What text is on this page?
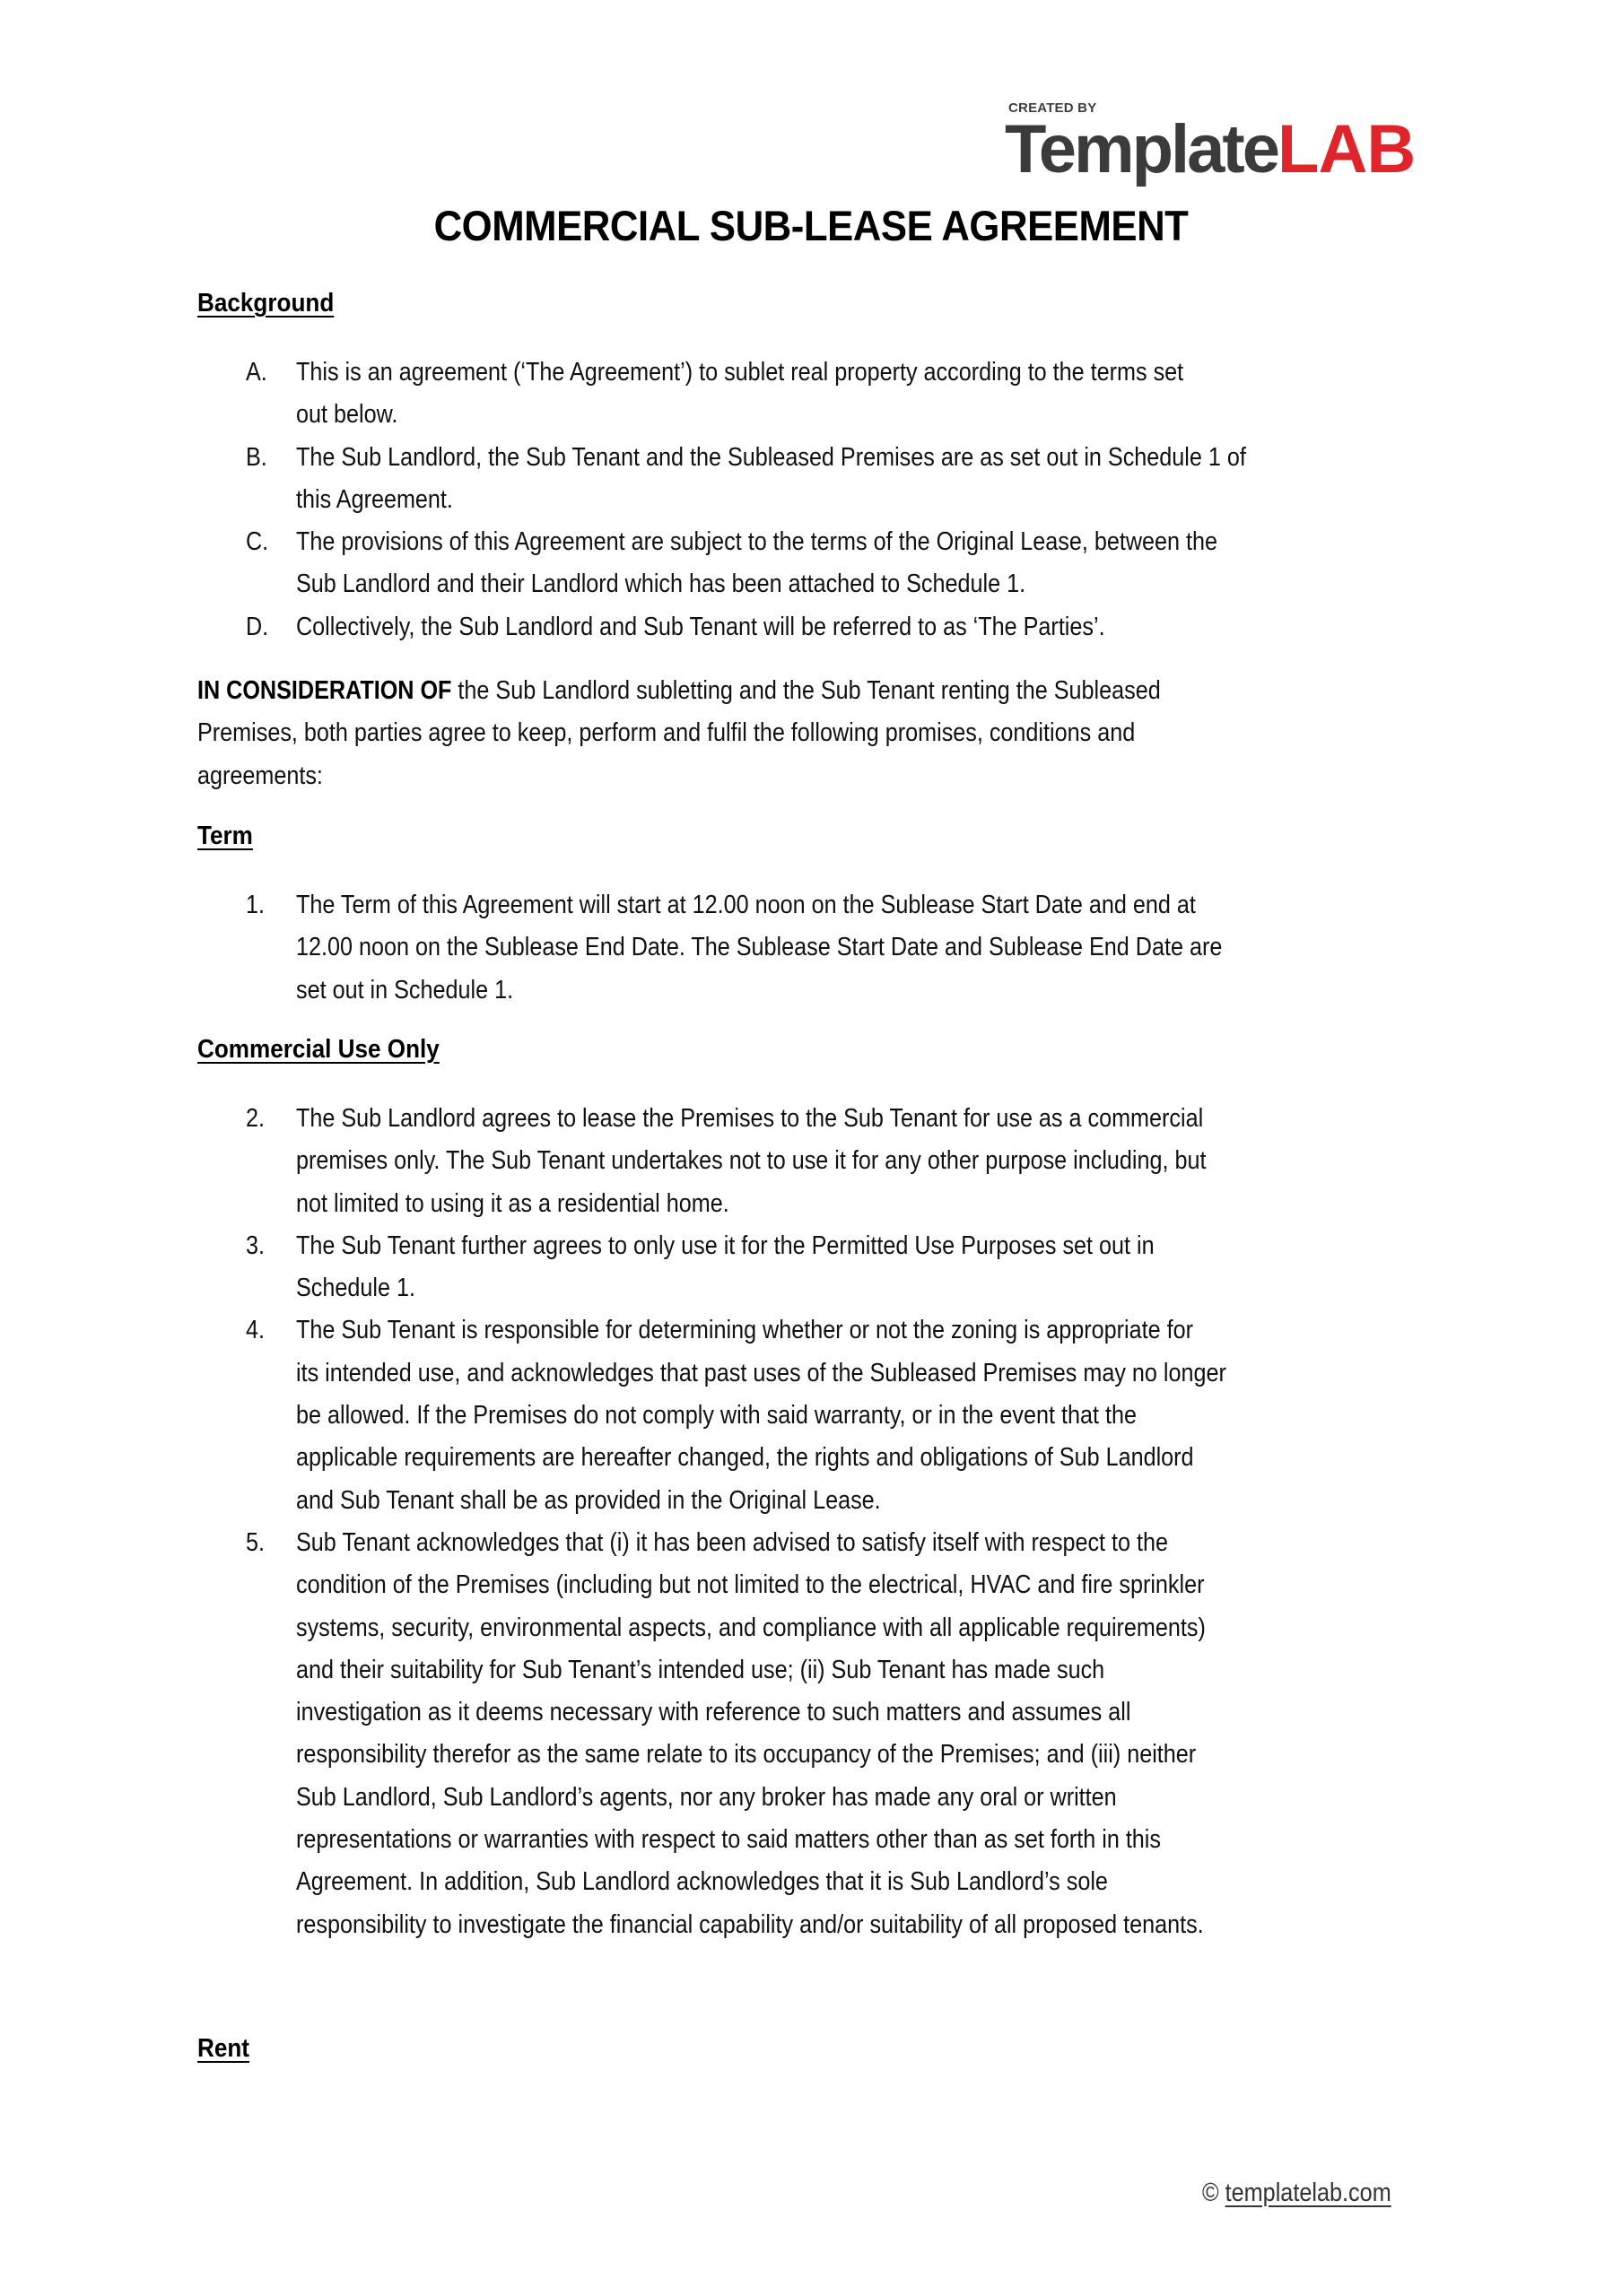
CREATED BY
TemplateLAB
COMMERCIAL SUB-LEASE AGREEMENT
Background
A. This is an agreement (‘The Agreement’) to sublet real property according to the terms set
out below.
B. The Sub Landlord, the Sub Tenant and the Subleased Premises are as set out in Schedule 1 of
this Agreement.
C. The provisions of this Agreement are subject to the terms of the Original Lease, between the
Sub Landlord and their Landlord which has been attached to Schedule 1.
D. Collectively, the Sub Landlord and Sub Tenant will be referred to as ‘The Parties’.
IN CONSIDERATION OF the Sub Landlord subletting and the Sub Tenant renting the Subleased
Premises, both parties agree to keep, perform and fulfil the following promises, conditions and
agreements:
Term
1. The Term of this Agreement will start at 12.00 noon on the Sublease Start Date and end at
12.00 noon on the Sublease End Date. The Sublease Start Date and Sublease End Date are
set out in Schedule 1.
Commercial Use Only
2. The Sub Landlord agrees to lease the Premises to the Sub Tenant for use as a commercial
premises only. The Sub Tenant undertakes not to use it for any other purpose including, but
not limited to using it as a residential home.
3. The Sub Tenant further agrees to only use it for the Permitted Use Purposes set out in
Schedule 1.
4. The Sub Tenant is responsible for determining whether or not the zoning is appropriate for
its intended use, and acknowledges that past uses of the Subleased Premises may no longer
be allowed. If the Premises do not comply with said warranty, or in the event that the
applicable requirements are hereafter changed, the rights and obligations of Sub Landlord
and Sub Tenant shall be as provided in the Original Lease.
5. Sub Tenant acknowledges that (i) it has been advised to satisfy itself with respect to the
condition of the Premises (including but not limited to the electrical, HVAC and fire sprinkler
systems, security, environmental aspects, and compliance with all applicable requirements)
and their suitability for Sub Tenant’s intended use; (ii) Sub Tenant has made such
investigation as it deems necessary with reference to such matters and assumes all
responsibility therefor as the same relate to its occupancy of the Premises; and (iii) neither
Sub Landlord, Sub Landlord’s agents, nor any broker has made any oral or written
representations or warranties with respect to said matters other than as set forth in this
Agreement. In addition, Sub Landlord acknowledges that it is Sub Landlord’s sole
responsibility to investigate the financial capability and/or suitability of all proposed tenants.
Rent
© templatelab.com
